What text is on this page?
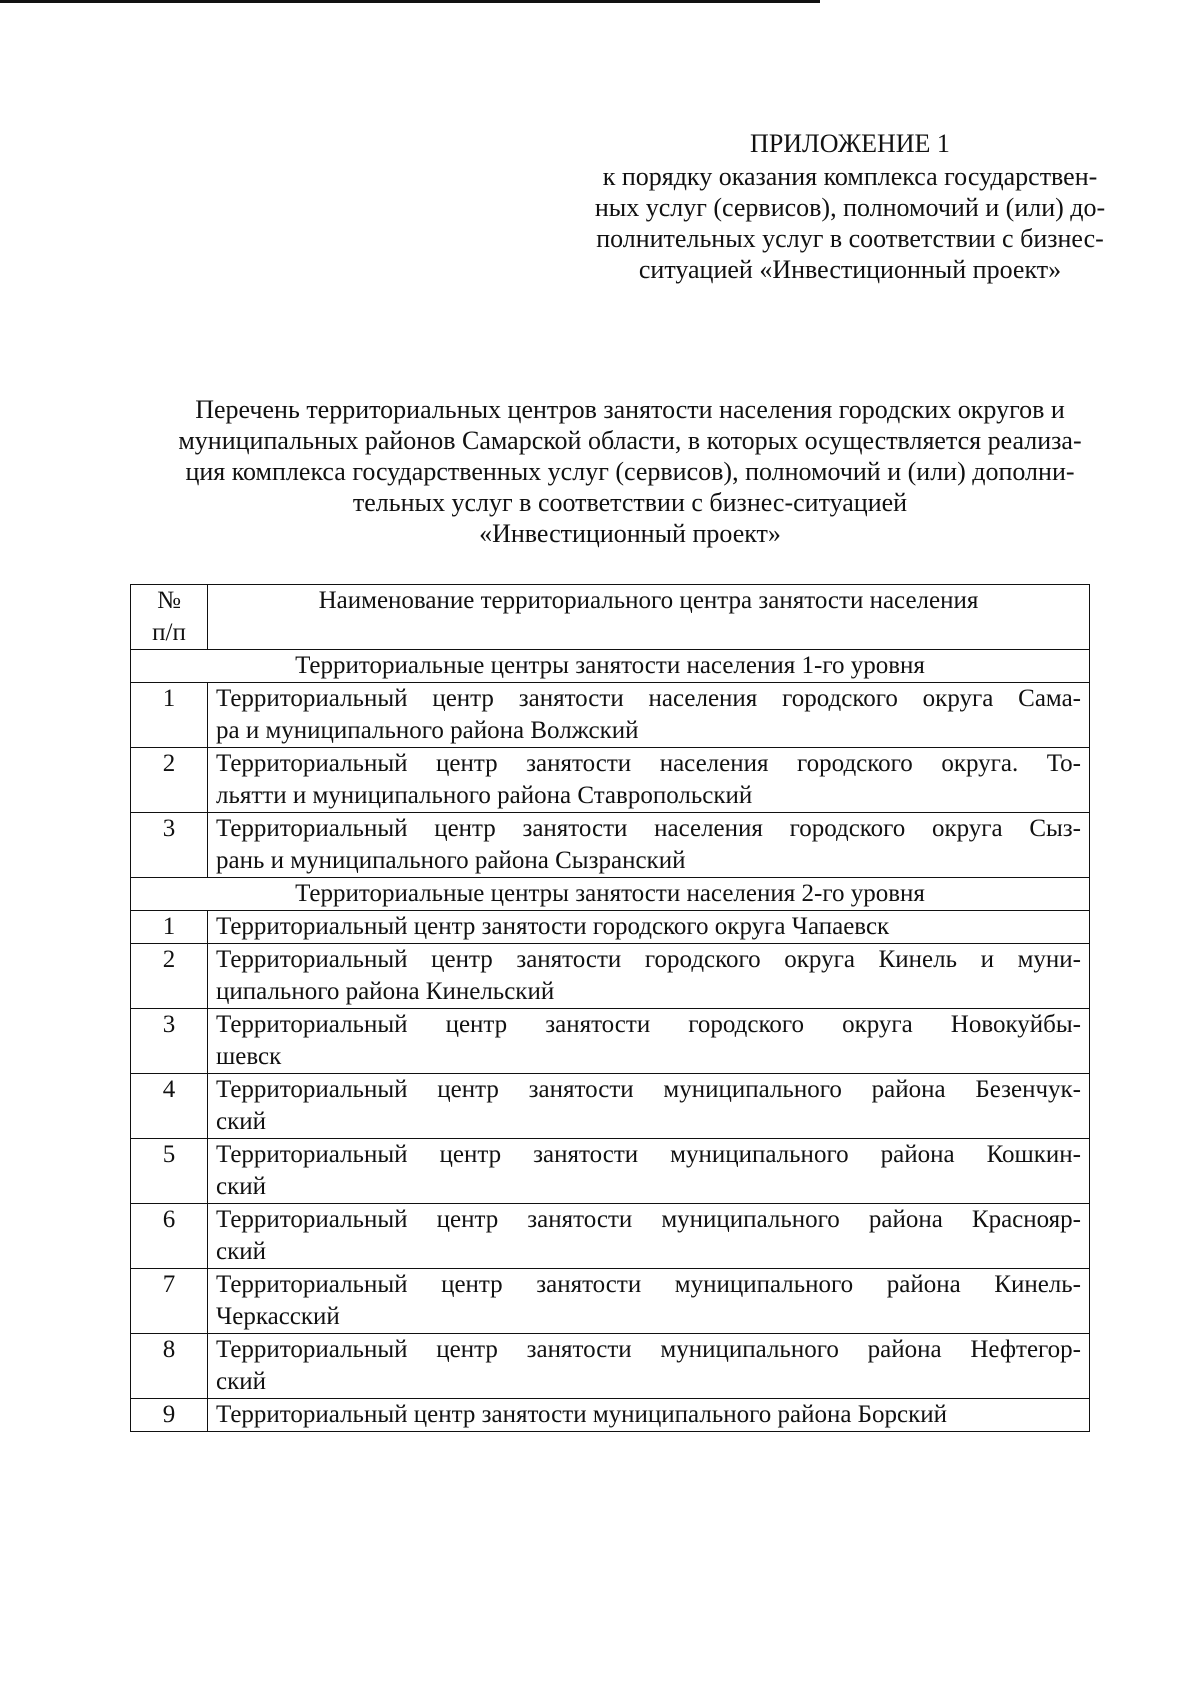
ПРИЛОЖЕНИЕ 1
к порядку оказания комплекса государствен-
ных услуг (сервисов), полномочий и (или) до-
полнительных услуг в соответствии с бизнес-
ситуацией «Инвестиционный проект»
Перечень территориальных центров занятости населения городских округов и
муниципальных районов Самарской области, в которых осуществляется реализа-
ция комплекса государственных услуг (сервисов), полномочий и (или) дополни-
тельных услуг в соответствии с бизнес-ситуацией
«Инвестиционный проект»
№
п/п	Наименование территориального центра занятости населения
Территориальные центры занятости населения 1-го уровня	
1	Территориальный центр занятости населения городского округа Сама-
ра и муниципального района Волжский

2	Территориальный центр занятости населения городского округа. То-
льятти и муниципального района Ставропольский

3	Территориальный центр занятости населения городского округа Сыз-
рань и муниципального района Сызранский

Территориальные центры занятости населения 2-го уровня	
1	Территориальный центр занятости городского округа Чапаевск

2	Территориальный центр занятости городского округа Кинель и муни-
ципального района Кинельский

3	Территориальный центр занятости городского округа Новокуйбы-
шевск

4	Территориальный центр занятости муниципального района Безенчук-
ский

5	Территориальный центр занятости муниципального района Кошкин-
ский

6	Территориальный центр занятости муниципального района Краснояр-
ский

7	Территориальный центр занятости муниципального района Кинель-
Черкасский

8	Территориальный центр занятости муниципального района Нефтегор-
ский

9	Территориальный центр занятости муниципального района Борский
